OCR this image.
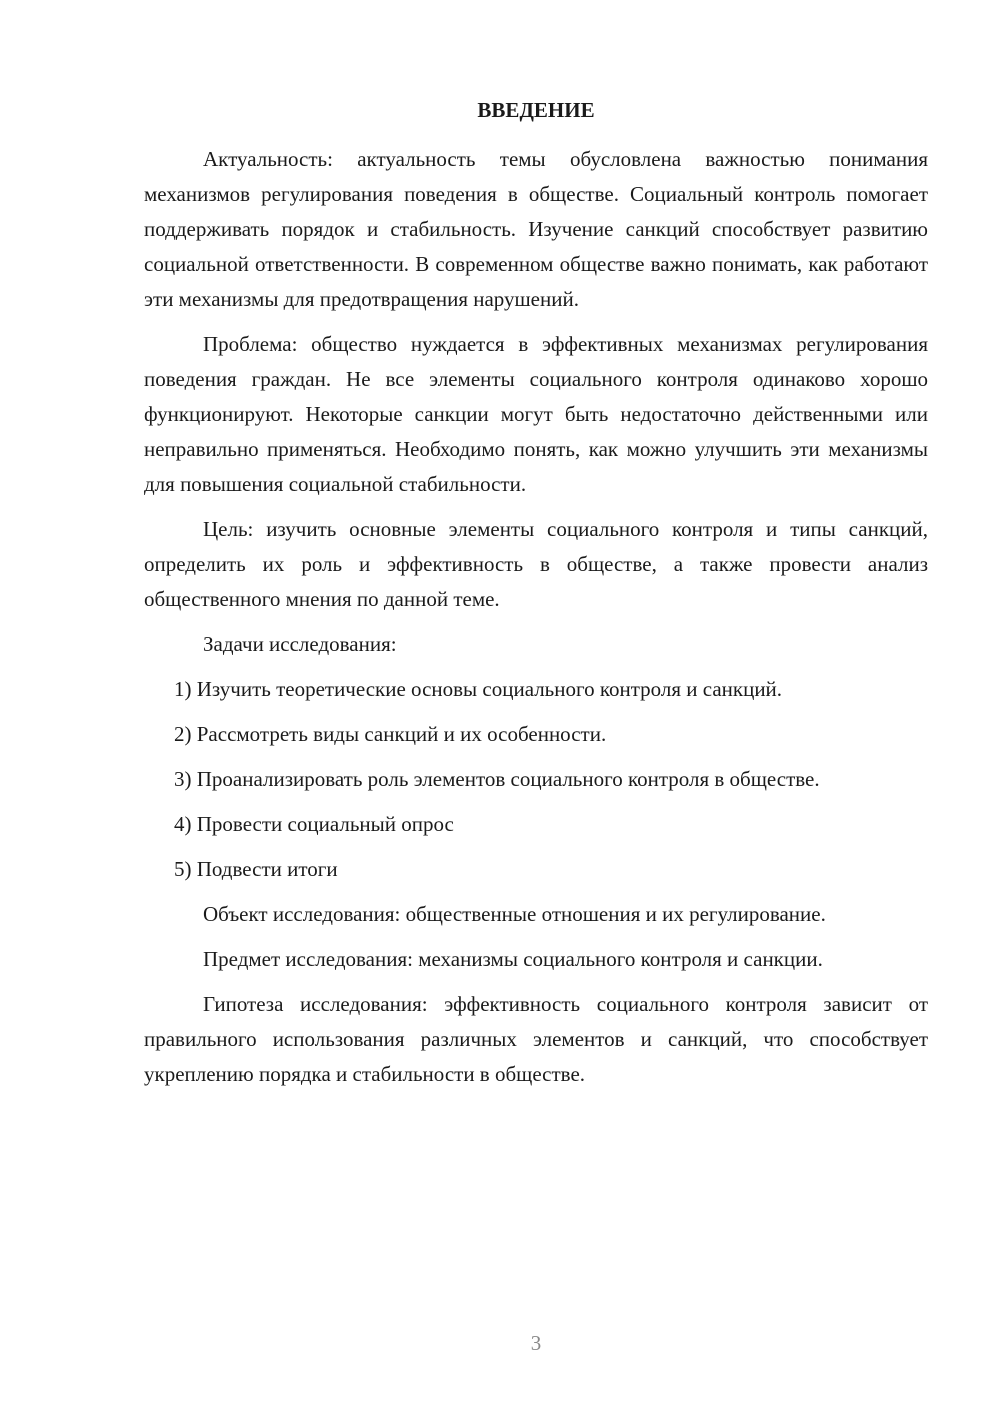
ВВЕДЕНИЕ

Актуальность: актуальность темы обусловлена важностью понимания механизмов регулирования поведения в обществе. Социальный контроль помогает поддерживать порядок и стабильность. Изучение санкций способствует развитию социальной ответственности. В современном обществе важно понимать, как работают эти механизмы для предотвращения нарушений.

Проблема: общество нуждается в эффективных механизмах регулирования поведения граждан. Не все элементы социального контроля одинаково хорошо функционируют. Некоторые санкции могут быть недостаточно действенными или неправильно применяться. Необходимо понять, как можно улучшить эти механизмы для повышения социальной стабильности.

Цель: изучить основные элементы социального контроля и типы санкций, определить их роль и эффективность в обществе, а также провести анализ общественного мнения по данной теме.

Задачи исследования:

1) Изучить теоретические основы социального контроля и санкций.

2) Рассмотреть виды санкций и их особенности.

3) Проанализировать роль элементов социального контроля в обществе.

4) Провести социальный опрос

5) Подвести итоги

Объект исследования: общественные отношения и их регулирование.

Предмет исследования: механизмы социального контроля и санкции.

Гипотеза исследования: эффективность социального контроля зависит от правильного использования различных элементов и санкций, что способствует укреплению порядка и стабильности в обществе.

3
